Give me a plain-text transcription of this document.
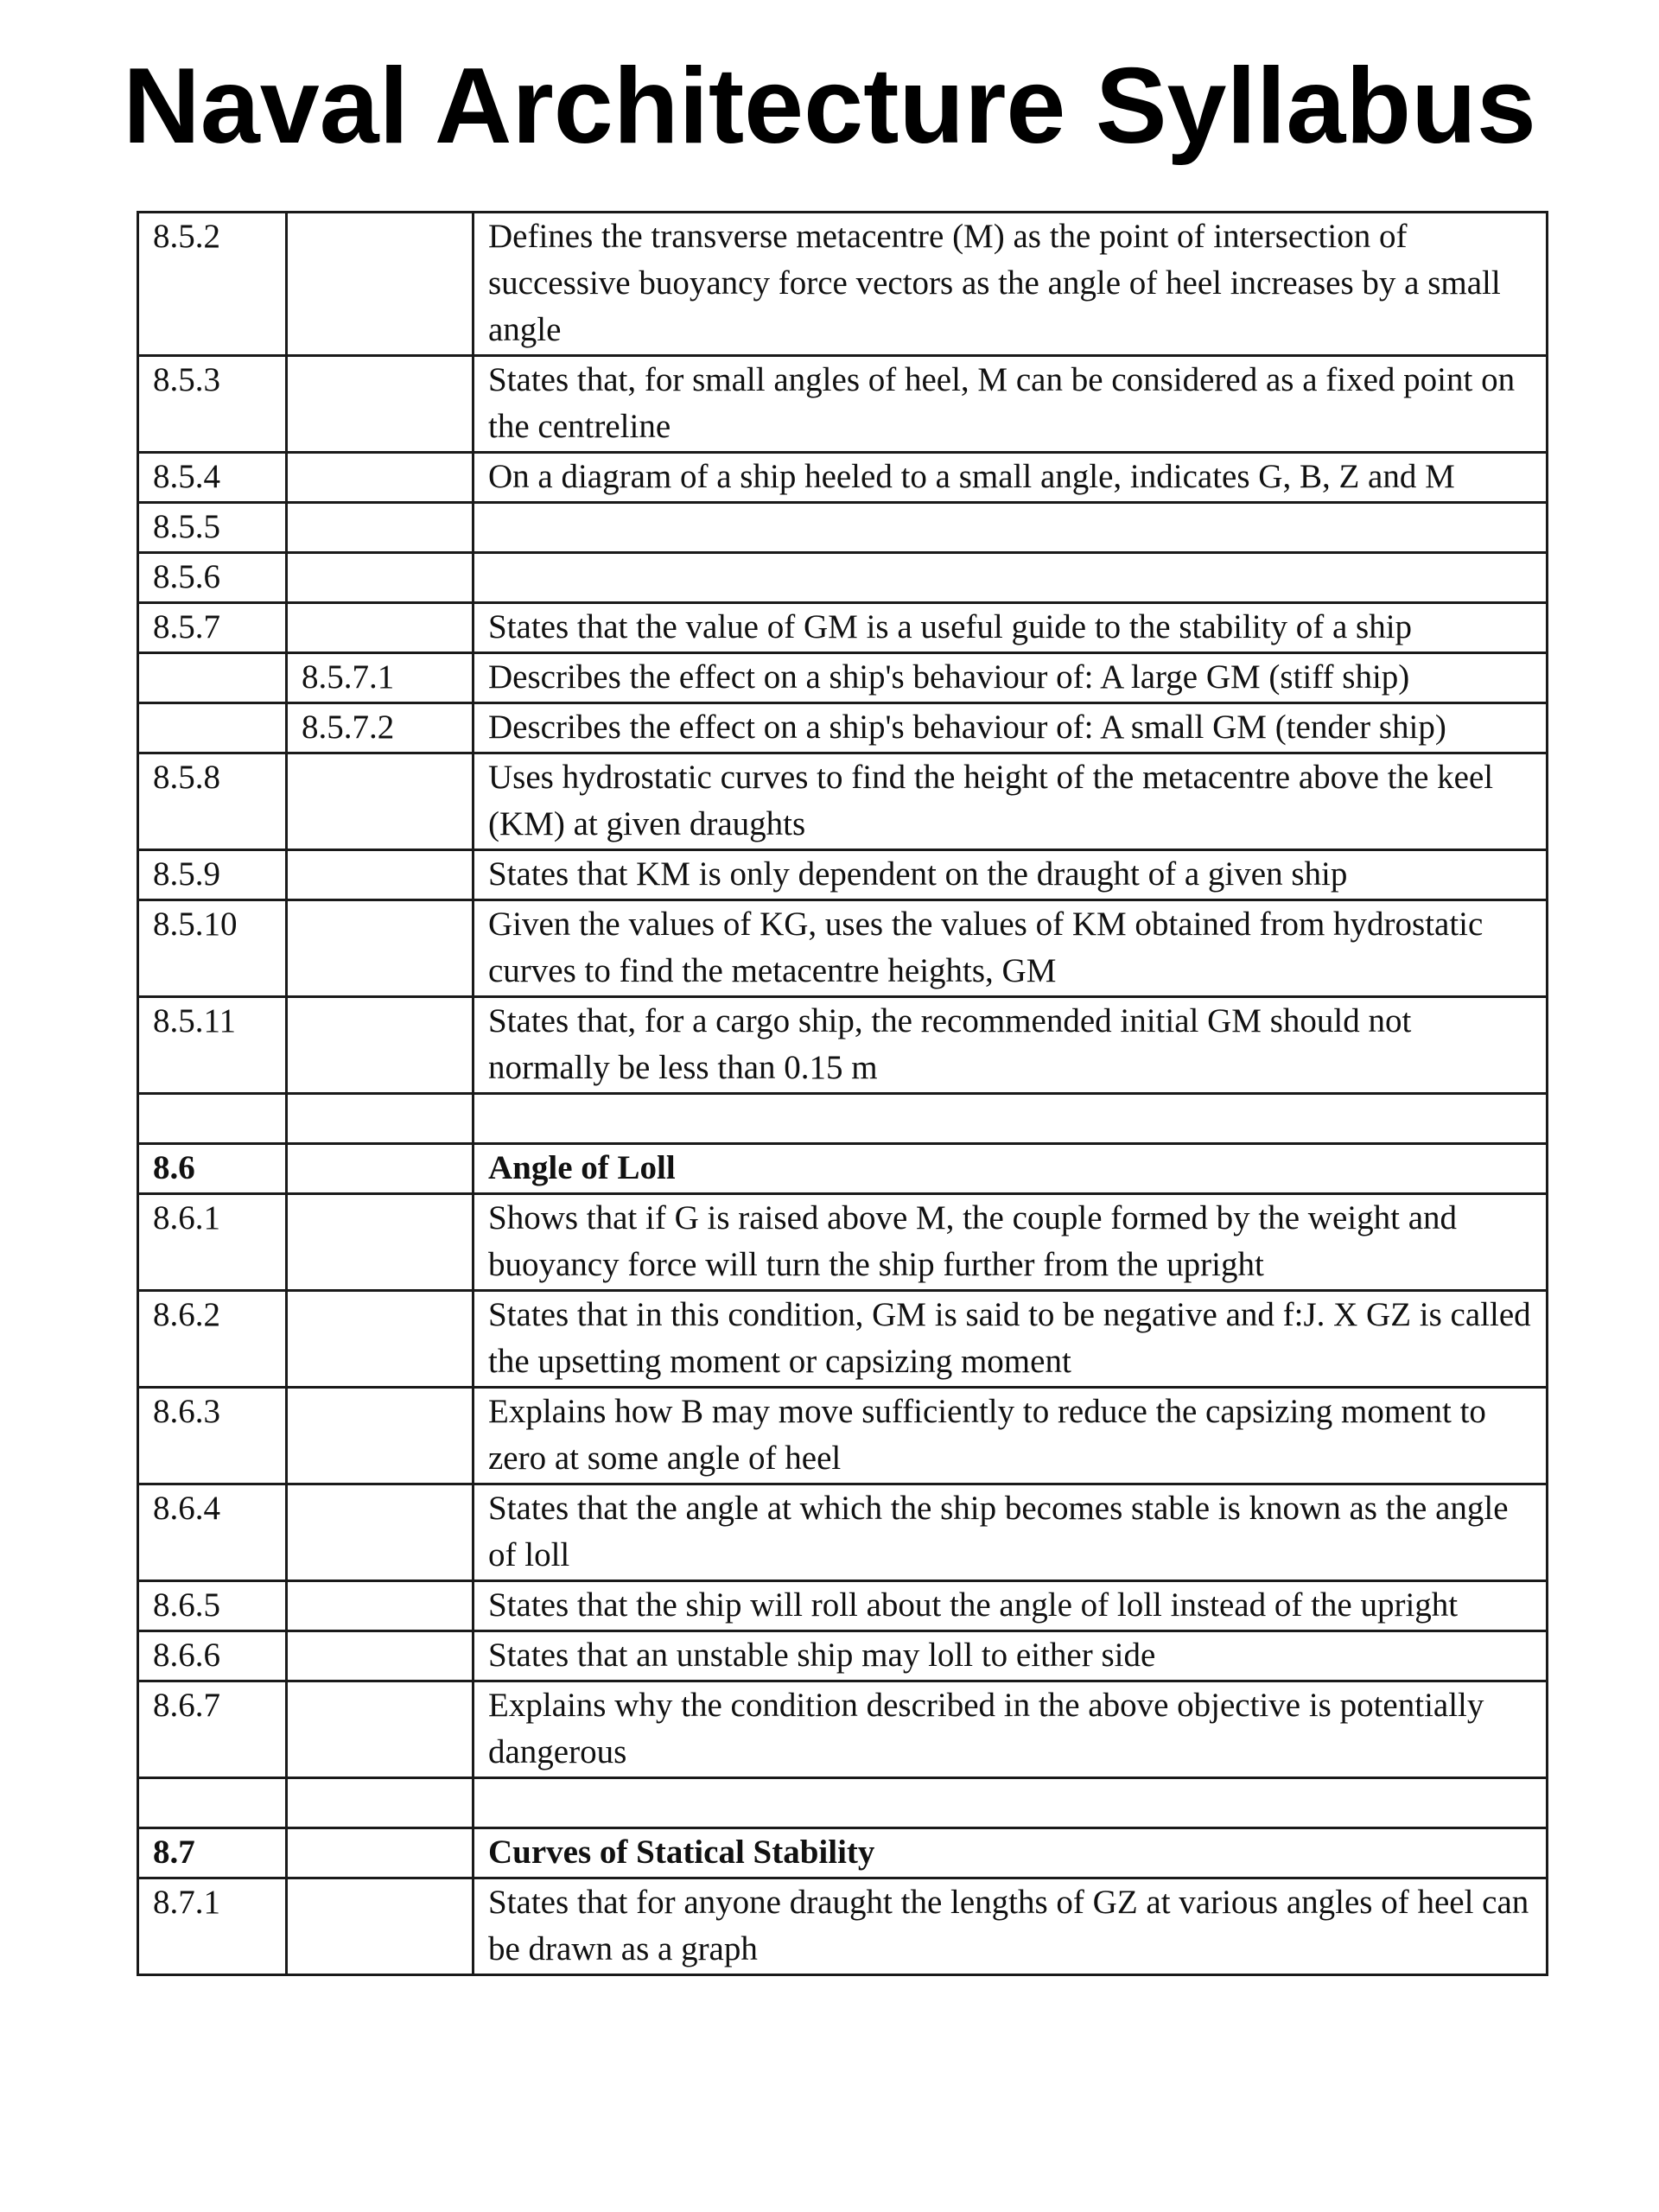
Naval Architecture Syllabus
8.5.2		Defines the transverse metacentre (M) as the point of intersection of successive buoyancy force vectors as the angle of heel increases by a small angle
8.5.3		States that, for small angles of heel, M can be considered as a fixed point on the centreline
8.5.4		On a diagram of a ship heeled to a small angle, indicates G, B, Z and M
8.5.5		
8.5.6		
8.5.7		States that the value of GM is a useful guide to the stability of a ship
	8.5.7.1	Describes the effect on a ship's behaviour of: A large GM (stiff ship)
	8.5.7.2	Describes the effect on a ship's behaviour of: A small GM (tender ship)
8.5.8		Uses hydrostatic curves to find the height of the metacentre above the keel (KM) at given draughts
8.5.9		States that KM is only dependent on the draught of a given ship
8.5.10		Given the values of KG, uses the values of KM obtained from hydrostatic curves to find the metacentre heights, GM
8.5.11		States that, for a cargo ship, the recommended initial GM should not normally be less than 0.15 m

8.6		Angle of Loll
8.6.1		Shows that if G is raised above M, the couple formed by the weight and buoyancy force will turn the ship further from the upright
8.6.2		States that in this condition, GM is said to be negative and f:J. X GZ is called the upsetting moment or capsizing moment
8.6.3		Explains how B may move sufficiently to reduce the capsizing moment to zero at some angle of heel
8.6.4		States that the angle at which the ship becomes stable is known as the angle of loll
8.6.5		States that the ship will roll about the angle of loll instead of the upright
8.6.6		States that an unstable ship may loll to either side
8.6.7		Explains why the condition described in the above objective is potentially dangerous

8.7		Curves of Statical Stability
8.7.1		States that for anyone draught the lengths of GZ at various angles of heel can be drawn as a graph
